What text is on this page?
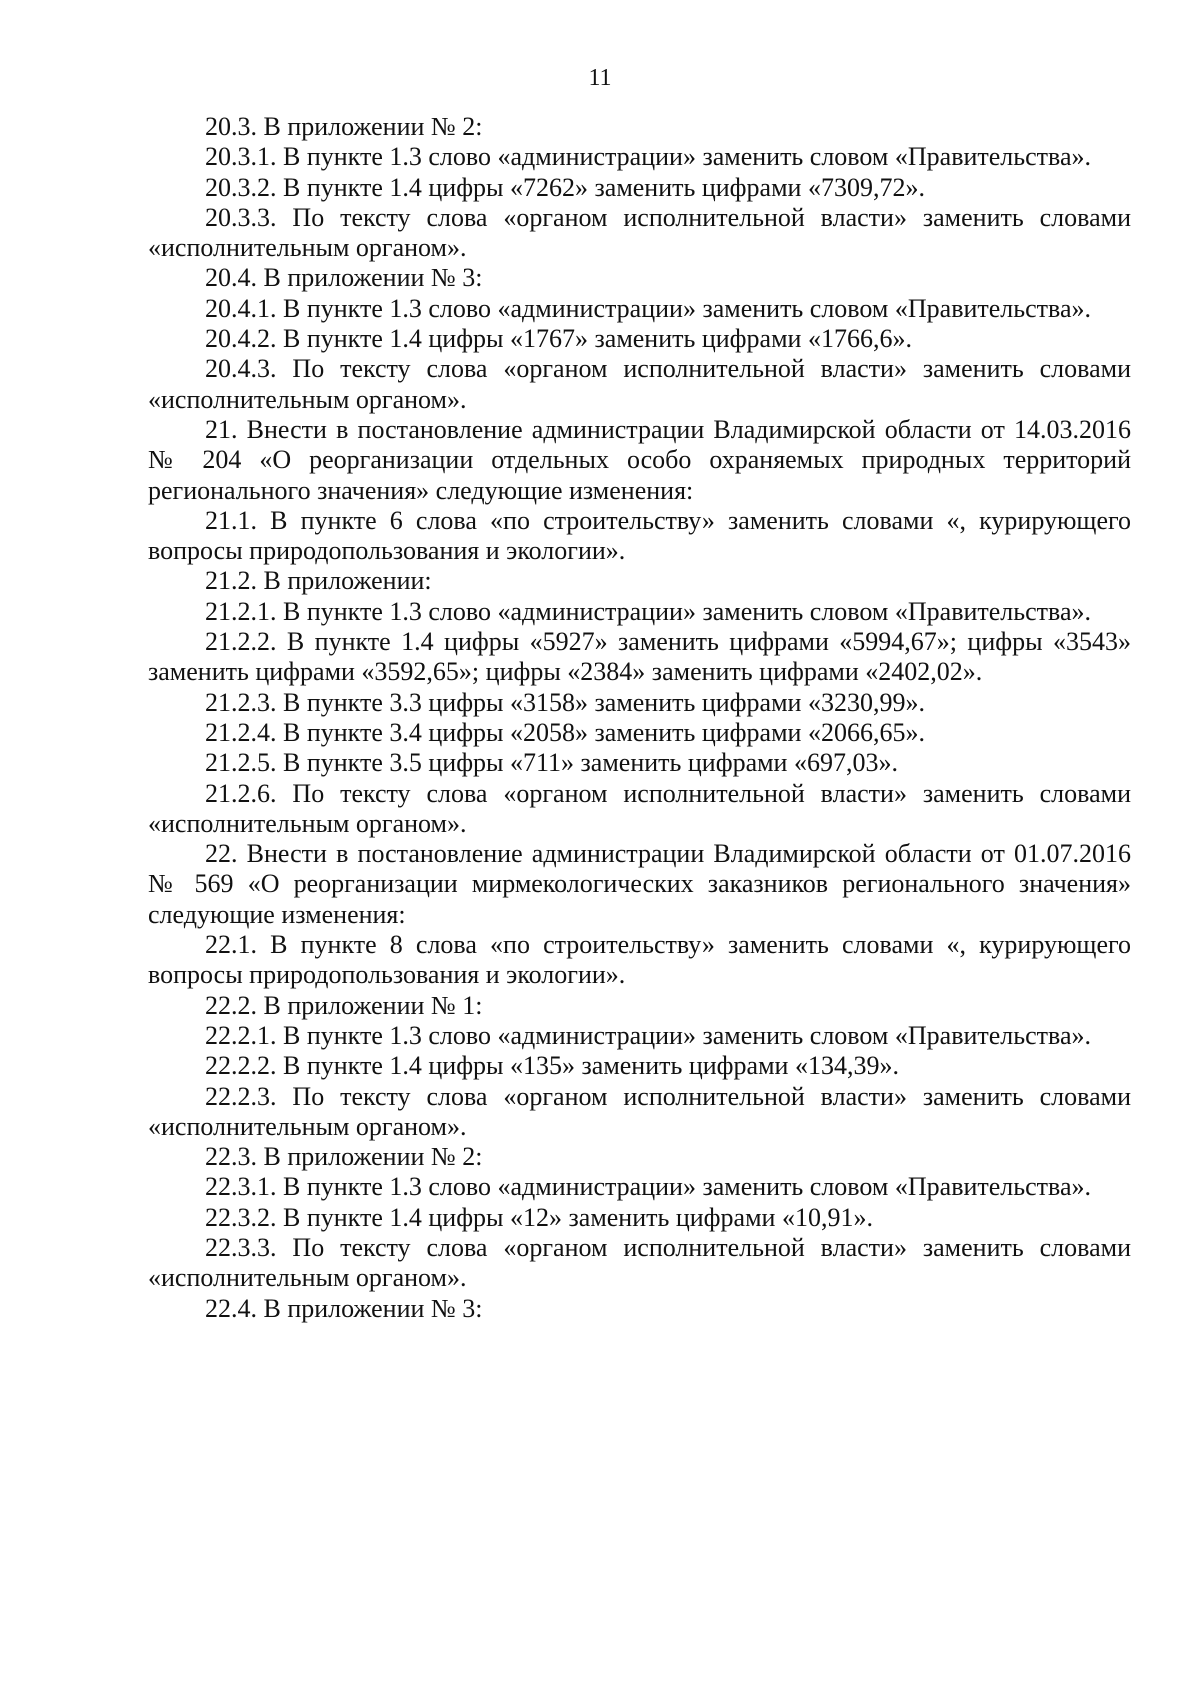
11

20.3. В приложении № 2:

20.3.1. В пункте 1.3 слово «администрации» заменить словом «Правительства».

20.3.2. В пункте 1.4 цифры «7262» заменить цифрами «7309,72».

20.3.3. По тексту слова «органом исполнительной власти» заменить словами «исполнительным органом».

20.4. В приложении № 3:

20.4.1. В пункте 1.3 слово «администрации» заменить словом «Правительства».

20.4.2. В пункте 1.4 цифры «1767» заменить цифрами «1766,6».

20.4.3. По тексту слова «органом исполнительной власти» заменить словами «исполнительным органом».

21. Внести в постановление администрации Владимирской области от 14.03.2016 № 204 «О реорганизации отдельных особо охраняемых природных территорий регионального значения» следующие изменения:

21.1. В пункте 6 слова «по строительству» заменить словами «, курирующего вопросы природопользования и экологии».

21.2. В приложении:

21.2.1. В пункте 1.3 слово «администрации» заменить словом «Правительства».

21.2.2. В пункте 1.4 цифры «5927» заменить цифрами «5994,67»; цифры «3543» заменить цифрами «3592,65»; цифры «2384» заменить цифрами «2402,02».

21.2.3. В пункте 3.3 цифры «3158» заменить цифрами «3230,99».

21.2.4. В пункте 3.4 цифры «2058» заменить цифрами «2066,65».

21.2.5. В пункте 3.5 цифры «711» заменить цифрами «697,03».

21.2.6. По тексту слова «органом исполнительной власти» заменить словами «исполнительным органом».

22. Внести в постановление администрации Владимирской области от 01.07.2016 № 569 «О реорганизации мирмекологических заказников регионального значения» следующие изменения:

22.1. В пункте 8 слова «по строительству» заменить словами «, курирующего вопросы природопользования и экологии».

22.2. В приложении № 1:

22.2.1. В пункте 1.3 слово «администрации» заменить словом «Правительства».

22.2.2. В пункте 1.4 цифры «135» заменить цифрами «134,39».

22.2.3. По тексту слова «органом исполнительной власти» заменить словами «исполнительным органом».

22.3. В приложении № 2:

22.3.1. В пункте 1.3 слово «администрации» заменить словом «Правительства».

22.3.2. В пункте 1.4 цифры «12» заменить цифрами «10,91».

22.3.3. По тексту слова «органом исполнительной власти» заменить словами «исполнительным органом».

22.4. В приложении № 3:
